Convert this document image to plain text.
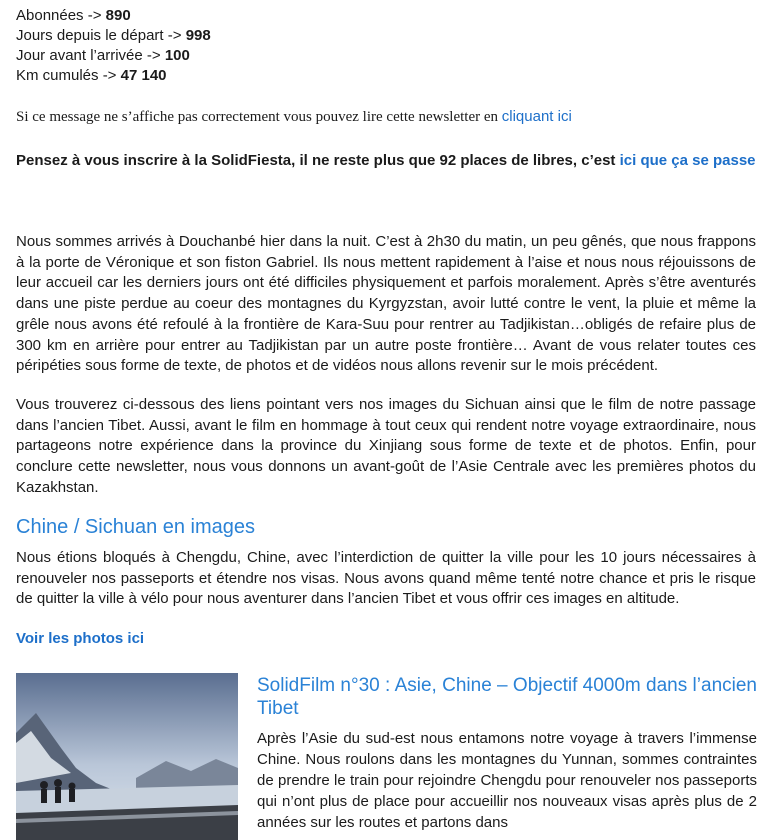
Abonnées -> 890
Jours depuis le départ -> 998
Jour avant l’arrivée -> 100
Km cumulés -> 47 140
Si ce message ne s’affiche pas correctement vous pouvez lire cette newsletter en cliquant ici
Pensez à vous inscrire à la SolidFiesta, il ne reste plus que 92 places de libres, c’est ici que ça se passe

Nous sommes arrivés à Douchanbé hier dans la nuit. C’est à 2h30 du matin, un peu gênés, que nous frappons à la porte de Véronique et son fiston Gabriel. Ils nous mettent rapidement à l’aise et nous nous réjouissons de leur accueil car les derniers jours ont été difficiles physiquement et parfois moralement. Après s’être aventurés dans une piste perdue au coeur des montagnes du Kyrgyzstan, avoir lutté contre le vent, la pluie et même la grêle nous avons été refoulé à la frontière de Kara-Suu pour rentrer au Tadjikistan…obligés de refaire plus de 300 km en arrière pour entrer au Tadjikistan par un autre poste frontière… Avant de vous relater toutes ces péripéties sous forme de texte, de photos et de vidéos nous allons revenir sur le mois précédent.

Vous trouverez ci-dessous des liens pointant vers nos images du Sichuan ainsi que le film de notre passage dans l’ancien Tibet. Aussi, avant le film en hommage à tout ceux qui rendent notre voyage extraordinaire, nous partageons notre expérience dans la province du Xinjiang sous forme de texte et de photos. Enfin, pour conclure cette newsletter, nous vous donnons un avant-goût de l’Asie Centrale avec les premières photos du Kazakhstan.

Chine / Sichuan en images

Nous étions bloqués à Chengdu, Chine, avec l’interdiction de quitter la ville pour les 10 jours nécessaires à renouveler nos passeports et étendre nos visas. Nous avons quand même tenté notre chance et pris le risque de quitter la ville à vélo pour nous aventurer dans l’ancien Tibet et vous offrir ces images en altitude.

Voir les photos ici
SolidFilm n°30 : Asie, Chine – Objectif 4000m dans l’ancien Tibet

Après l’Asie du sud-est nous entamons notre voyage à travers l’immense Chine. Nous roulons dans les montagnes du Yunnan, sommes contraintes de prendre le train pour rejoindre Chengdu pour renouveler nos passeports qui n’ont plus de place pour accueillir nos nouveaux visas après plus de 2 années sur les routes et partons dans
